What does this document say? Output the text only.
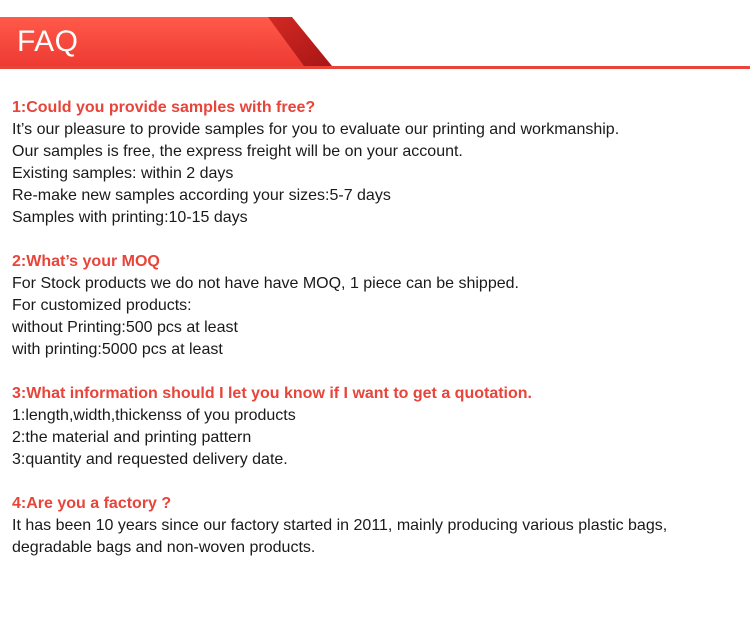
FAQ
1:Could you provide samples with free?
It’s our pleasure to provide samples for you to evaluate our printing and workmanship.
Our samples is free, the express freight will be on your account.
Existing samples: within 2 days
Re-make new samples according your sizes:5-7 days
Samples with printing:10-15 days
2:What’s your MOQ
For Stock products we do not have have MOQ, 1 piece can be shipped.
For customized products:
without Printing:500 pcs at least
with printing:5000 pcs at least
3:What information should I let you know if I want to get a quotation.
1:length,width,thickenss of you products
2:the material and printing pattern
3:quantity and requested delivery date.
4:Are you a factory ?
It has been 10 years since our factory started in 2011, mainly producing various plastic bags,
degradable bags and non-woven products.
